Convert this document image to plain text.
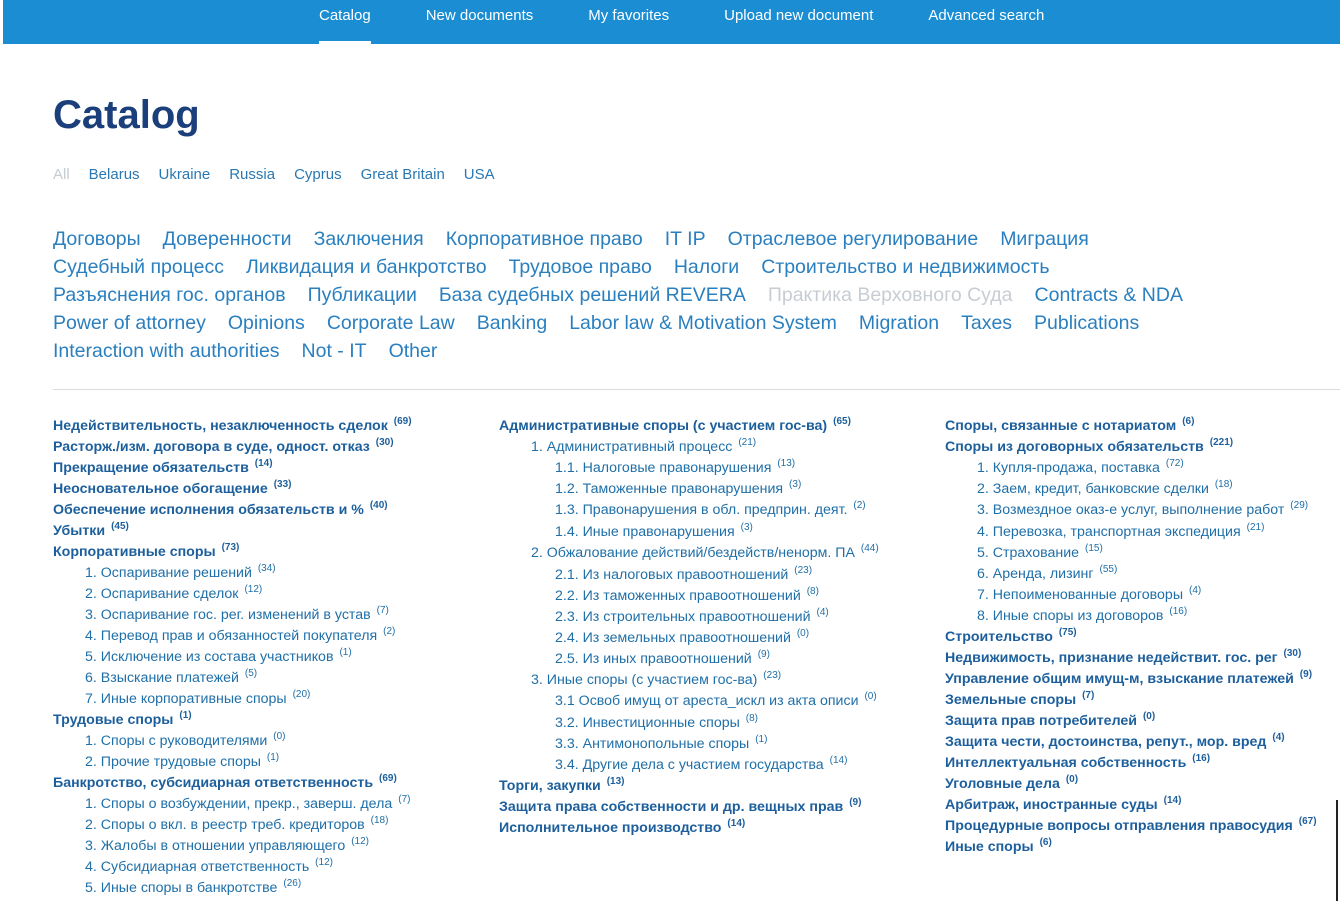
Catalog	New documents	My favorites	Upload new document	Advanced search
Catalog
All Belarus Ukraine Russia Cyprus Great Britain USA
Договоры Доверенности Заключения Корпоративное право IT IP Отраслевое регулирование Миграция
Судебный процесс Ликвидация и банкротство Трудовое право Налоги Строительство и недвижимость
Разъяснения гос. органов Публикации База судебных решений REVERA Практика Верховного Суда Contracts & NDA
Power of attorney Opinions Corporate Law Banking Labor law & Motivation System Migration Taxes Publications
Interaction with authorities Not - IT Other
Недействительность, незаключенность сделок $^{(69)}$
Расторж./изм. договора в суде, одност. отказ $^{(30)}$
Прекращение обязательств $^{(14)}$
Неосновательное обогащение $^{(33)}$
Обеспечение исполнения обязательств и % $^{(40)}$
Убытки $^{(45)}$
Корпоративные споры $^{(73)}$
1. Оспаривание решений $^{(34)}$
2. Оспаривание сделок $^{(12)}$
3. Оспаривание гос. рег. изменений в устав $^{(7)}$
4. Перевод прав и обязанностей покупателя $^{(2)}$
5. Исключение из состава участников $^{(1)}$
6. Взыскание платежей $^{(5)}$
7. Иные корпоративные споры $^{(20)}$
Трудовые споры $^{(1)}$
1. Споры с руководителями $^{(0)}$
2. Прочие трудовые споры $^{(1)}$
Банкротство, субсидиарная ответственность $^{(69)}$
1. Споры о возбуждении, прекр., заверш. дела $^{(7)}$
2. Споры о вкл. в реестр треб. кредиторов $^{(18)}$
3. Жалобы в отношении управляющего $^{(12)}$
4. Субсидиарная ответственность $^{(12)}$
5. Иные споры в банкротстве $^{(26)}$
Административные споры (с участием гос-ва) $^{(65)}$
1. Административный процесс $^{(21)}$
1.1. Налоговые правонарушения $^{(13)}$
1.2. Таможенные правонарушения $^{(3)}$
1.3. Правонарушения в обл. предприн. деят. $^{(2)}$
1.4. Иные правонарушения $^{(3)}$
2. Обжалование действий/бездейств/ненорм. ПА $^{(44)}$
2.1. Из налоговых правоотношений $^{(23)}$
2.2. Из таможенных правоотношений $^{(8)}$
2.3. Из строительных правоотношений $^{(4)}$
2.4. Из земельных правоотношений $^{(0)}$
2.5. Из иных правоотношений $^{(9)}$
3. Иные споры (с участием гос-ва) $^{(23)}$
3.1 Освоб имущ от ареста_искл из акта описи $^{(0)}$
3.2. Инвестиционные споры $^{(8)}$
3.3. Антимонопольные споры $^{(1)}$
3.4. Другие дела с участием государства $^{(14)}$
Торги, закупки $^{(13)}$
Защита права собственности и др. вещных прав $^{(9)}$
Исполнительное производство $^{(14)}$
Споры, связанные с нотариатом $^{(6)}$
Споры из договорных обязательств $^{(221)}$
1. Купля-продажа, поставка $^{(72)}$
2. Заем, кредит, банковские сделки $^{(18)}$
3. Возмездное оказ-е услуг, выполнение работ $^{(29)}$
4. Перевозка, транспортная экспедиция $^{(21)}$
5. Страхование $^{(15)}$
6. Аренда, лизинг $^{(55)}$
7. Непоименованные договоры $^{(4)}$
8. Иные споры из договоров $^{(16)}$
Строительство $^{(75)}$
Недвижимость, признание недействит. гос. рег $^{(30)}$
Управление общим имущ-м, взыскание платежей $^{(9)}$
Земельные споры $^{(7)}$
Защита прав потребителей $^{(0)}$
Защита чести, достоинства, репут., мор. вред $^{(4)}$
Интеллектуальная собственность $^{(16)}$
Уголовные дела $^{(0)}$
Арбитраж, иностранные суды $^{(14)}$
Процедурные вопросы отправления правосудия $^{(67)}$
Иные споры $^{(6)}$
